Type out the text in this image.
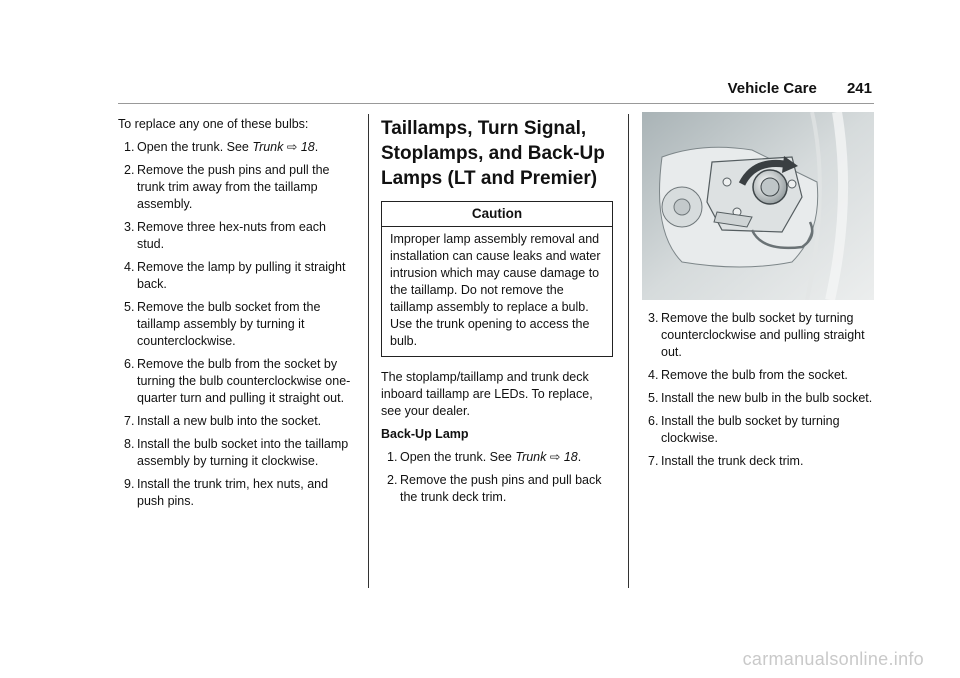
Vehicle Care 241

To replace any one of these bulbs:

1. Open the trunk. See Trunk ⇨ 18.
2. Remove the push pins and pull the trunk trim away from the taillamp assembly.
3. Remove three hex-nuts from each stud.
4. Remove the lamp by pulling it straight back.
5. Remove the bulb socket from the taillamp assembly by turning it counterclockwise.
6. Remove the bulb from the socket by turning the bulb counterclockwise one-quarter turn and pulling it straight out.
7. Install a new bulb into the socket.
8. Install the bulb socket into the taillamp assembly by turning it clockwise.
9. Install the trunk trim, hex nuts, and push pins.
Taillamps, Turn Signal, Stoplamps, and Back-Up Lamps (LT and Premier)
Caution
Improper lamp assembly removal and installation can cause leaks and water intrusion which may cause damage to the taillamp. Do not remove the taillamp assembly to replace a bulb. Use the trunk opening to access the bulb.

The stoplamp/taillamp and trunk deck inboard taillamp are LEDs. To replace, see your dealer.

Back-Up Lamp

1. Open the trunk. See Trunk ⇨ 18.
2. Remove the push pins and pull back the trunk deck trim.
3. Remove the bulb socket by turning counterclockwise and pulling straight out.
4. Remove the bulb from the socket.
5. Install the new bulb in the bulb socket.
6. Install the bulb socket by turning clockwise.
7. Install the trunk deck trim.
carmanualsonline.info
